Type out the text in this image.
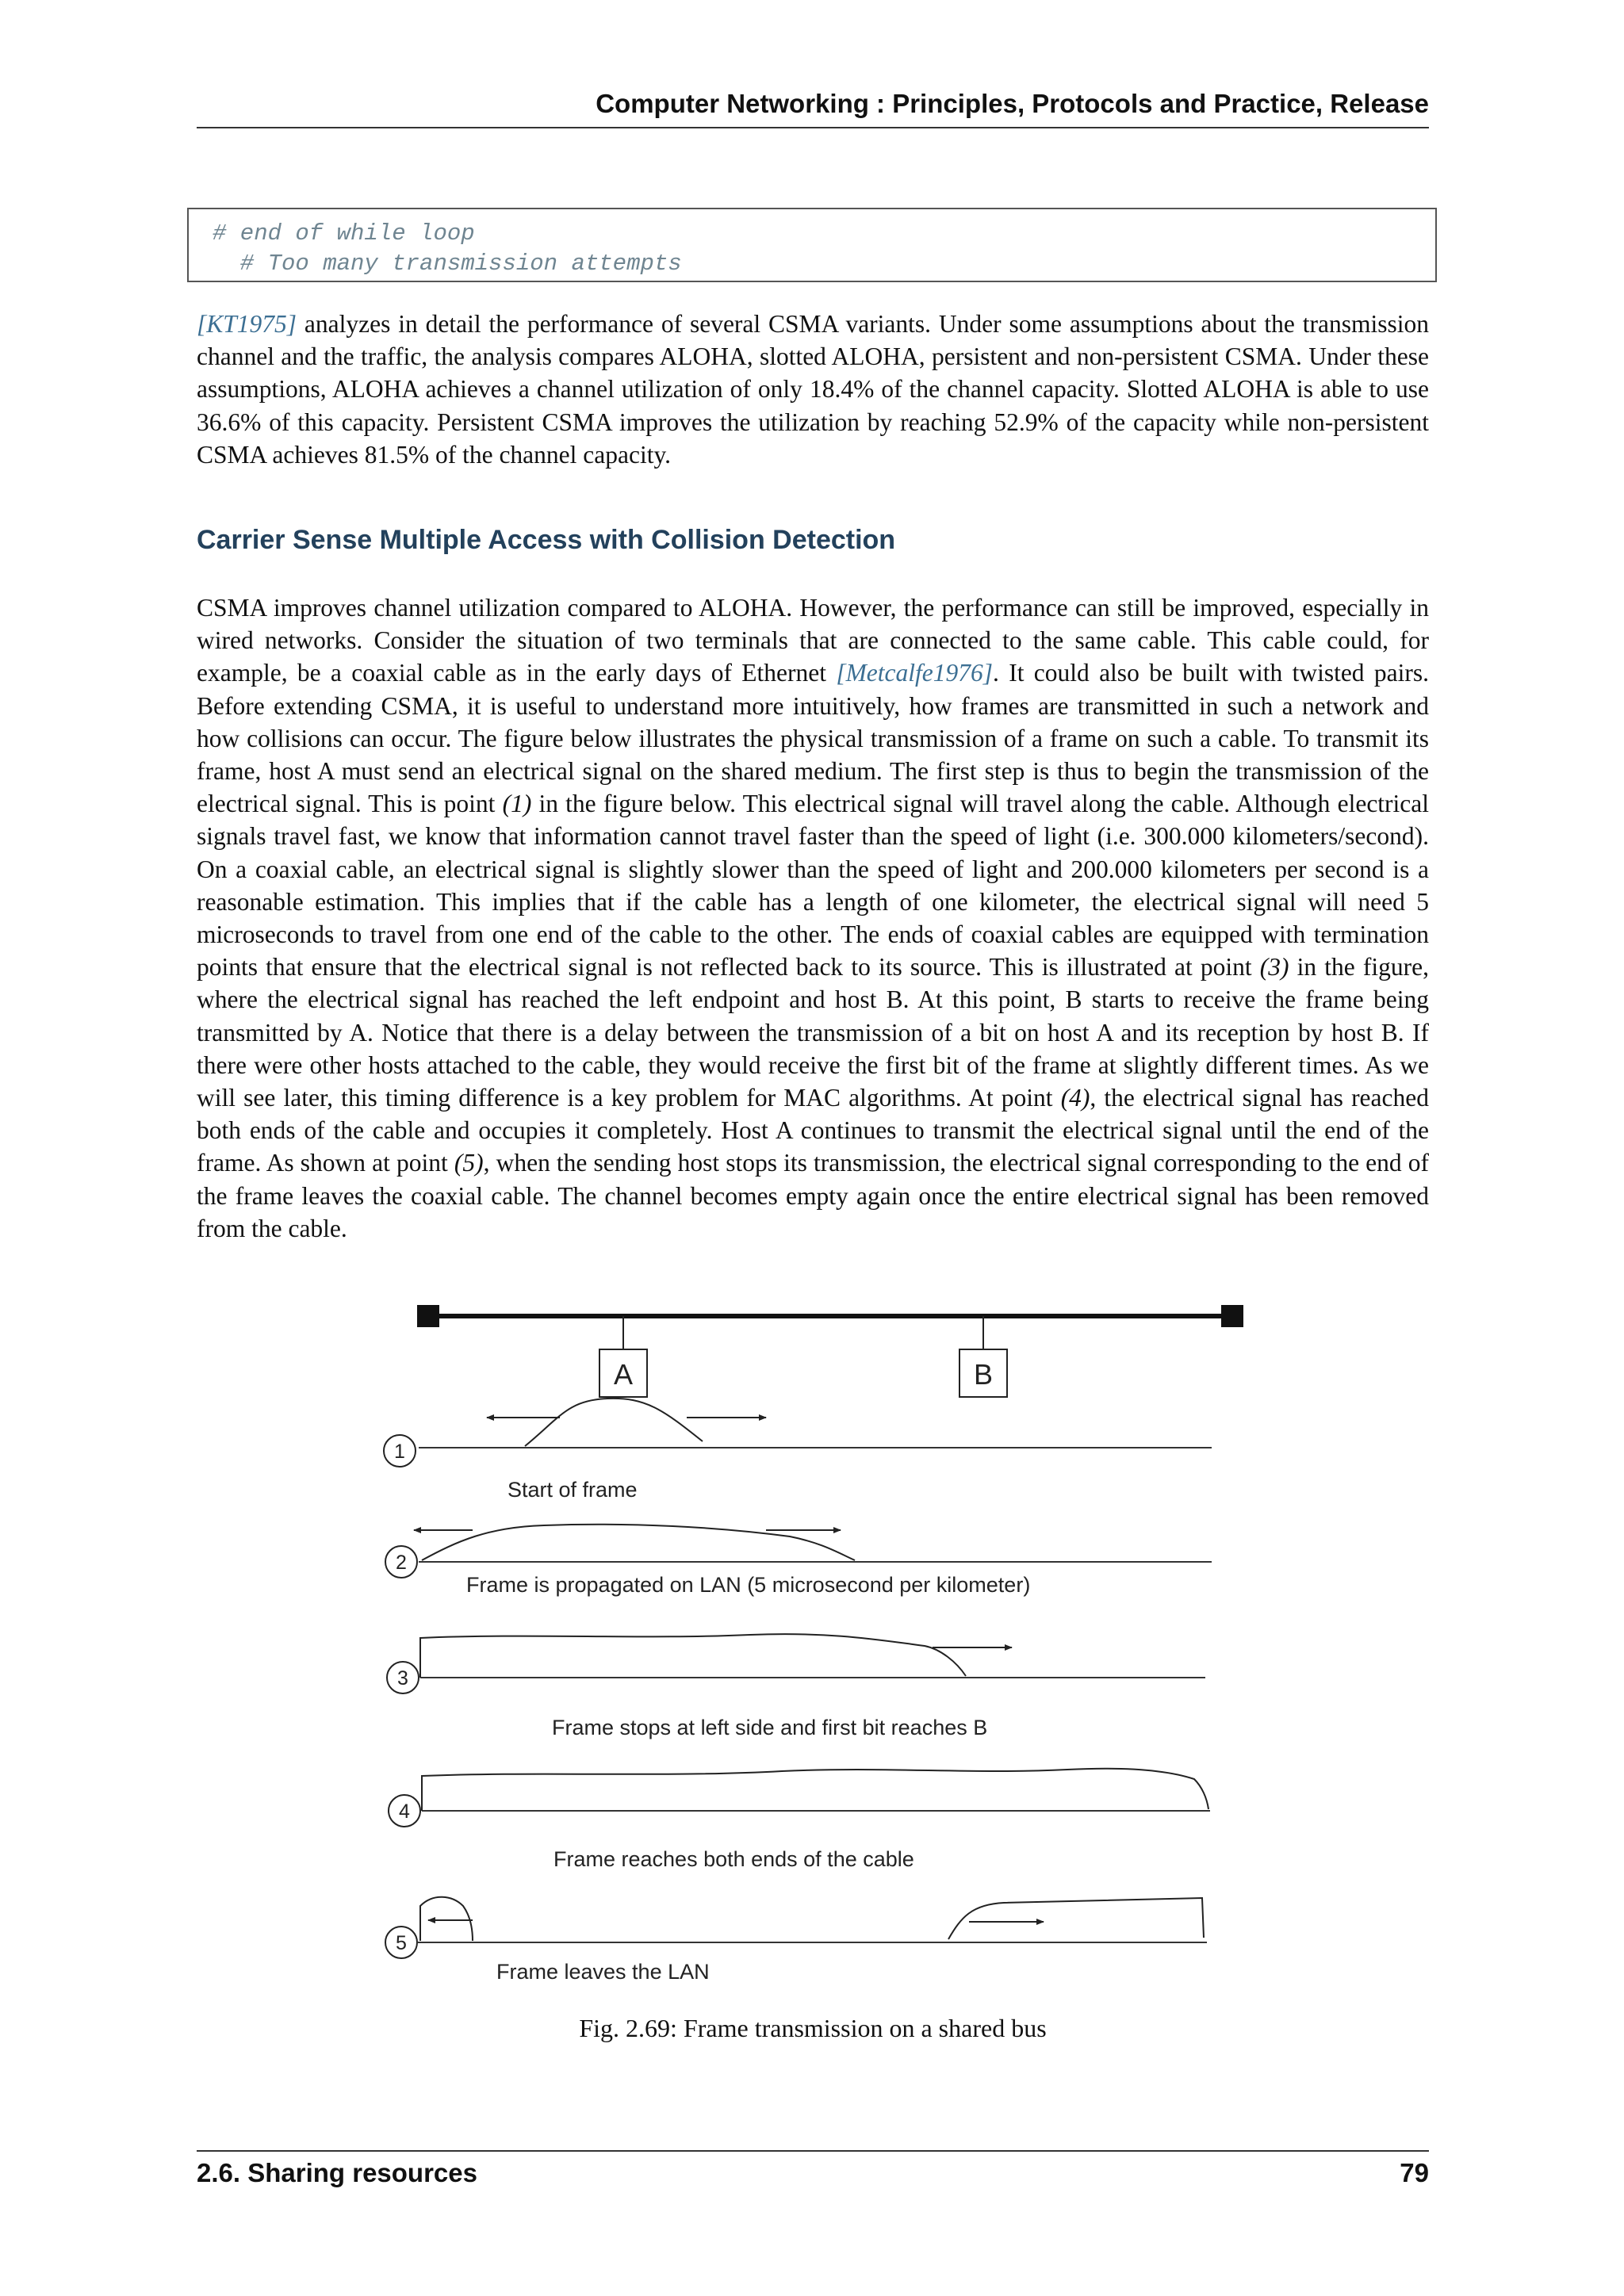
Computer Networking : Principles, Protocols and Practice, Release
# end of while loop
# Too many transmission attempts
[KT1975] analyzes in detail the performance of several CSMA variants. Under some assumptions about the transmission channel and the traffic, the analysis compares ALOHA, slotted ALOHA, persistent and non-persistent CSMA. Under these assumptions, ALOHA achieves a channel utilization of only 18.4% of the channel capacity. Slotted ALOHA is able to use 36.6% of this capacity. Persistent CSMA improves the utilization by reaching 52.9% of the capacity while non-persistent CSMA achieves 81.5% of the channel capacity.
Carrier Sense Multiple Access with Collision Detection
CSMA improves channel utilization compared to ALOHA. However, the performance can still be improved, especially in wired networks. Consider the situation of two terminals that are connected to the same cable. This cable could, for example, be a coaxial cable as in the early days of Ethernet [Metcalfe1976]. It could also be built with twisted pairs. Before extending CSMA, it is useful to understand more intuitively, how frames are transmitted in such a network and how collisions can occur. The figure below illustrates the physical transmission of a frame on such a cable. To transmit its frame, host A must send an electrical signal on the shared medium. The first step is thus to begin the transmission of the electrical signal. This is point (1) in the figure below. This electrical signal will travel along the cable. Although electrical signals travel fast, we know that information cannot travel faster than the speed of light (i.e. 300.000 kilometers/second). On a coaxial cable, an electrical signal is slightly slower than the speed of light and 200.000 kilometers per second is a reasonable estimation. This implies that if the cable has a length of one kilometer, the electrical signal will need 5 microseconds to travel from one end of the cable to the other. The ends of coaxial cables are equipped with termination points that ensure that the electrical signal is not reflected back to its source. This is illustrated at point (3) in the figure, where the electrical signal has reached the left endpoint and host B. At this point, B starts to receive the frame being transmitted by A. Notice that there is a delay between the transmission of a bit on host A and its reception by host B. If there were other hosts attached to the cable, they would receive the first bit of the frame at slightly different times. As we will see later, this timing difference is a key problem for MAC algorithms. At point (4), the electrical signal has reached both ends of the cable and occupies it completely. Host A continues to transmit the electrical signal until the end of the frame. As shown at point (5), when the sending host stops its transmission, the electrical signal corresponding to the end of the frame leaves the coaxial cable. The channel becomes empty again once the entire electrical signal has been removed from the cable.
A	B
1
Start of frame
2
Frame is propagated on LAN (5 microsecond per kilometer)
3
Frame stops at left side and first bit reaches B
4
Frame reaches both ends of the cable
5
Frame leaves the LAN
Fig. 2.69: Frame transmission on a shared bus
2.6. Sharing resources	79
